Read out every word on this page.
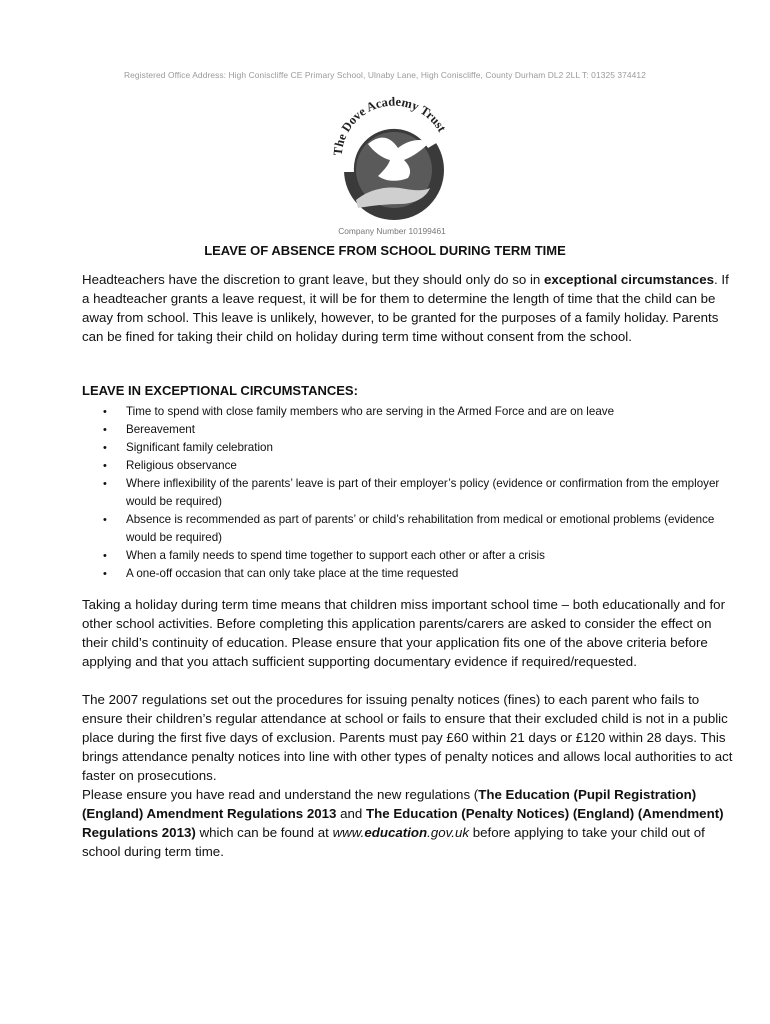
Registered Office Address: High Coniscliffe CE Primary School, Ulnaby Lane, High Coniscliffe, County Durham DL2 2LL T: 01325 374412
The Dove Academy Trust
Company Number 10199461
LEAVE OF ABSENCE FROM SCHOOL DURING TERM TIME

Headteachers have the discretion to grant leave, but they should only do so in exceptional circumstances. If a headteacher grants a leave request, it will be for them to determine the length of time that the child can be away from school. This leave is unlikely, however, to be granted for the purposes of a family holiday. Parents can be fined for taking their child on holiday during term time without consent from the school.

LEAVE IN EXCEPTIONAL CIRCUMSTANCES:
• Time to spend with close family members who are serving in the Armed Force and are on leave
• Bereavement
• Significant family celebration
• Religious observance
• Where inflexibility of the parents’ leave is part of their employer’s policy (evidence or confirmation from the employer would be required)
• Absence is recommended as part of parents’ or child’s rehabilitation from medical or emotional problems (evidence would be required)
• When a family needs to spend time together to support each other or after a crisis
• A one-off occasion that can only take place at the time requested

Taking a holiday during term time means that children miss important school time – both educationally and for other school activities. Before completing this application parents/carers are asked to consider the effect on their child’s continuity of education. Please ensure that your application fits one of the above criteria before applying and that you attach sufficient supporting documentary evidence if required/requested.

The 2007 regulations set out the procedures for issuing penalty notices (fines) to each parent who fails to ensure their children’s regular attendance at school or fails to ensure that their excluded child is not in a public place during the first five days of exclusion. Parents must pay £60 within 21 days or £120 within 28 days. This brings attendance penalty notices into line with other types of penalty notices and allows local authorities to act faster on prosecutions.

Please ensure you have read and understand the new regulations (The Education (Pupil Registration) (England) Amendment Regulations 2013 and The Education (Penalty Notices) (England) (Amendment) Regulations 2013) which can be found at www.education.gov.uk before applying to take your child out of school during term time.
